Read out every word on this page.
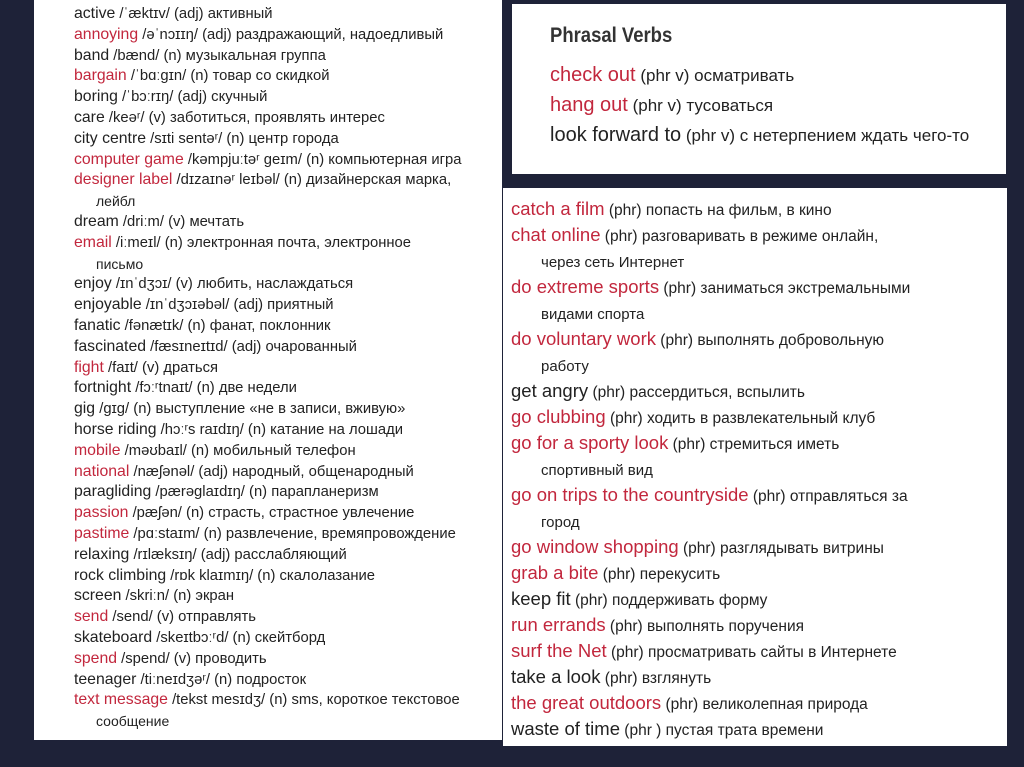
active /ˈæktɪv/ (adj) активный
annoying /əˈnɔɪɪŋ/ (adj) раздражающий, надоедливый
band /bænd/ (n) музыкальная группа
bargain /ˈbɑːɡɪn/ (n) товар со скидкой
boring /ˈbɔːrɪŋ/ (adj) скучный
care /keəʳ/ (v) заботиться, проявлять интерес
city centre /sɪti sentəʳ/ (n) центр города
computer game /kəmpjuːtəʳ ɡeɪm/ (n) компьютерная игра
designer label /dɪzaɪnəʳ leɪbəl/ (n) дизайнерская марка,
лейбл
dream /driːm/ (v) мечтать
email /iːmeɪl/ (n) электронная почта, электронное
письмо
enjoy /ɪnˈdʒɔɪ/ (v) любить, наслаждаться
enjoyable /ɪnˈdʒɔɪəbəl/ (adj) приятный
fanatic /fənætɪk/ (n) фанат, поклонник
fascinated /fæsɪneɪtɪd/ (adj) очарованный
fight /faɪt/ (v) драться
fortnight /fɔːʳtnaɪt/ (n) две недели
gig /ɡɪɡ/ (n) выступление «не в записи, вживую»
horse riding /hɔːʳs raɪdɪŋ/ (n) катание на лошади
mobile /məʊbaɪl/ (n) мобильный телефон
national /næʃənəl/ (adj) народный, общенародный
paragliding /pærəɡlaɪdɪŋ/ (n) парапланеризм
passion /pæʃən/ (n) страсть, страстное увлечение
pastime /pɑːstaɪm/ (n) развлечение, времяпровождение
relaxing /rɪlæksɪŋ/ (adj) расслабляющий
rock climbing /rɒk klaɪmɪŋ/ (n) скалолазание
screen /skriːn/ (n) экран
send /send/ (v) отправлять
skateboard /skeɪtbɔːʳd/ (n) скейтборд
spend /spend/ (v) проводить
teenager /tiːneɪdʒəʳ/ (n) подросток
text message /tekst mesɪdʒ/ (n) sms, короткое текстовое
сообщение
Phrasal Verbs
check out (phr v) осматривать
hang out (phr v) тусоваться
look forward to (phr v) с нетерпением ждать чего-то
catch a film (phr) попасть на фильм, в кино
chat online (phr) разговаривать в режиме онлайн,
через сеть Интернет
do extreme sports (phr) заниматься экстремальными
видами спорта
do voluntary work (phr) выполнять добровольную
работу
get angry (phr) рассердиться, вспылить
go clubbing (phr) ходить в развлекательный клуб
go for a sporty look (phr) стремиться иметь
спортивный вид
go on trips to the countryside (phr) отправляться за
город
go window shopping (phr) разглядывать витрины
grab a bite (phr) перекусить
keep fit (phr) поддерживать форму
run errands (phr) выполнять поручения
surf the Net (phr) просматривать сайты в Интернете
take a look (phr) взглянуть
the great outdoors (phr) великолепная природа
waste of time (phr ) пустая трата времени
